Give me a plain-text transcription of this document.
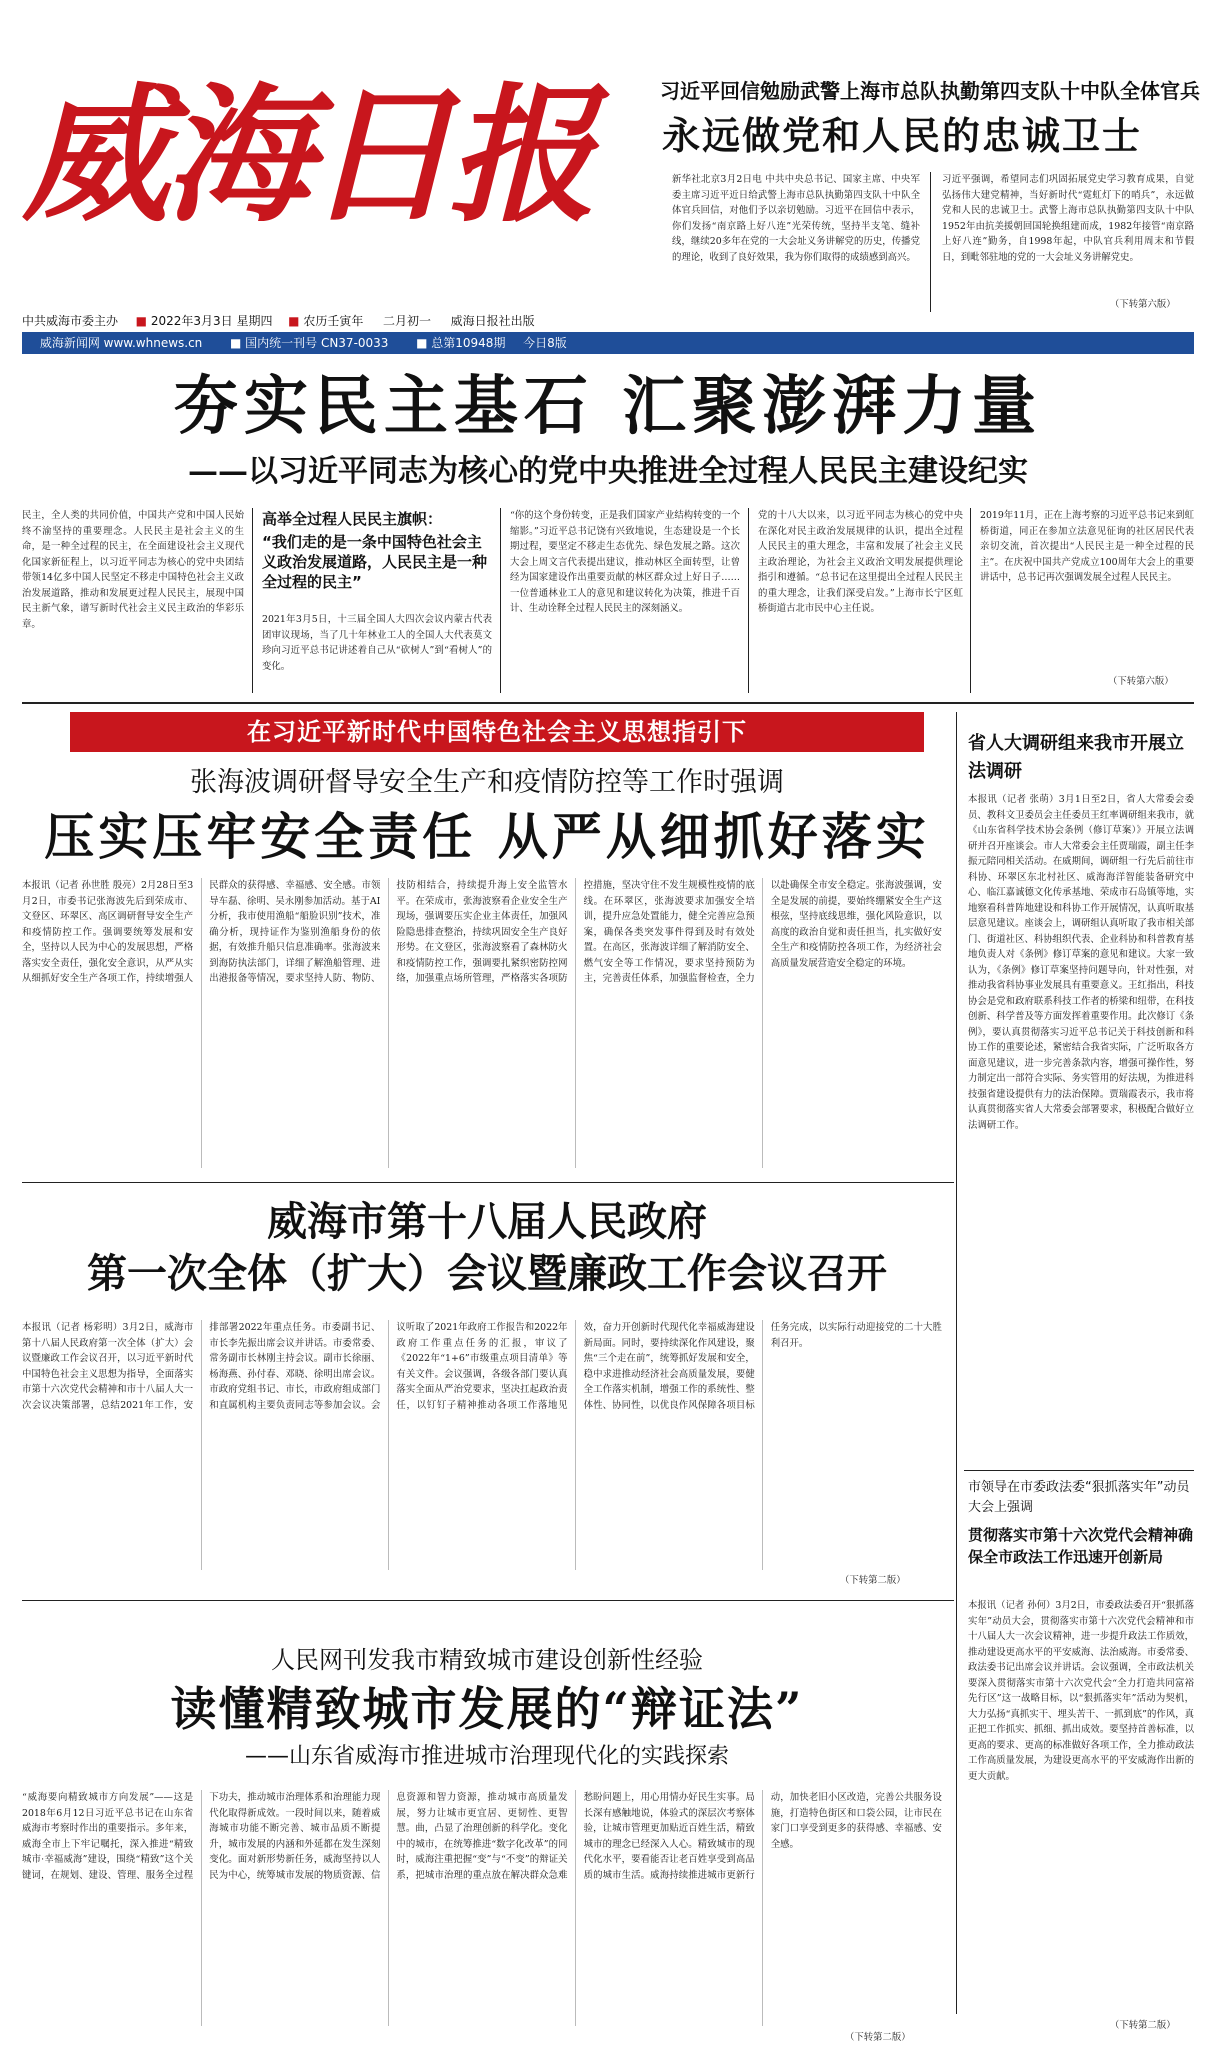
威海日报
中共威海市委主办 ■ 2022年3月3日 星期四 ■ 农历壬寅年 二月初一 威海日报社出版
威海新闻网 www.whnews.cn ■ 国内统一刊号 CN37-0033 ■ 总第10948期 今日8版
习近平回信勉励武警上海市总队执勤第四支队十中队全体官兵
永远做党和人民的忠诚卫士
新华社北京3月2日电 中共中央总书记、国家主席、中央军委主席习近平近日给武警上海市总队执勤第四支队十中队全体官兵回信，对他们予以亲切勉励。习近平在回信中表示，你们发扬“南京路上好八连”光荣传统，坚持半支笔、缝补线，继续20多年在党的一大会址义务讲解党的历史，传播党的理论，收到了良好效果，我为你们取得的成绩感到高兴。
习近平强调，希望同志们巩固拓展党史学习教育成果，自觉弘扬伟大建党精神，当好新时代“霓虹灯下的哨兵”，永远做党和人民的忠诚卫士。武警上海市总队执勤第四支队十中队1952年由抗美援朝回国轮换组建而成，1982年接管“南京路上好八连”勤务，自1998年起，中队官兵利用周末和节假日，到毗邻驻地的党的一大会址义务讲解党史。
（下转第六版）
夯实民主基石 汇聚澎湃力量
——以习近平同志为核心的党中央推进全过程人民民主建设纪实
民主，全人类的共同价值，中国共产党和中国人民始终不渝坚持的重要理念。人民民主是社会主义的生命，是一种全过程的民主，在全面建设社会主义现代化国家新征程上，以习近平同志为核心的党中央团结带领14亿多中国人民坚定不移走中国特色社会主义政治发展道路，推动和发展更过程人民民主，展现中国民主新气象，谱写新时代社会主义民主政治的华彩乐章。
高举全过程人民民主旗帜：
“我们走的是一条中国特色社会主义政治发展道路，人民民主是一种全过程的民主”
2021年3月5日，十三届全国人大四次会议内蒙古代表团审议现场，当了几十年林业工人的全国人大代表莫文珍向习近平总书记讲述着自己从“砍树人”到“看树人”的变化。
“你的这个身份转变，正是我们国家产业结构转变的一个缩影。”习近平总书记饶有兴致地说，生态建设是一个长期过程，要坚定不移走生态优先、绿色发展之路。这次大会上周文言代表提出建议，推动林区全面转型，让曾经为国家建设作出重要贡献的林区群众过上好日子……一位普通林业工人的意见和建议转化为决策，推进千百计、生动诠释全过程人民民主的深刻涵义。
党的十八大以来，以习近平同志为核心的党中央在深化对民主政治发展规律的认识，提出全过程人民民主的重大理念，丰富和发展了社会主义民主政治理论，为社会主义政治文明发展提供理论指引和遵循。“总书记在这里提出全过程人民民主的重大理念，让我们深受启发。”上海市长宁区虹桥街道古北市民中心主任说。
2019年11月，正在上海考察的习近平总书记来到虹桥街道，同正在参加立法意见征询的社区居民代表亲切交流，首次提出“人民民主是一种全过程的民主”。在庆祝中国共产党成立100周年大会上的重要讲话中，总书记再次强调发展全过程人民民主。
（下转第六版）
在习近平新时代中国特色社会主义思想指引下
张海波调研督导安全生产和疫情防控等工作时强调
压实压牢安全责任 从严从细抓好落实
本报讯（记者 孙世胜 殷亮）2月28日至3月2日，市委书记张海波先后到荣成市、文登区、环翠区、高区调研督导安全生产和疫情防控工作。强调要统筹发展和安全，坚持以人民为中心的发展思想，严格落实安全责任，强化安全意识，从严从实从细抓好安全生产各项工作，持续增强人民群众的获得感、幸福感、安全感。市领导车磊、徐明、吴永刚参加活动。基于AI分析，我市使用渔船“船脸识别”技术，准确分析，现持证作为鉴别渔船身份的依据，有效推升船只信息准确率。张海波来到海防执法部门，详细了解渔船管理、进出港报备等情况，要求坚持人防、物防、技防相结合，持续提升海上安全监管水平。在荣成市，张海波察看企业安全生产现场，强调要压实企业主体责任，加强风险隐患排查整治，持续巩固安全生产良好形势。在文登区，张海波察看了森林防火和疫情防控工作，强调要扎紧织密防控网络，加强重点场所管理，严格落实各项防控措施，坚决守住不发生规模性疫情的底线。在环翠区，张海波要求加强安全培训，提升应急处置能力，健全完善应急预案，确保各类突发事件得到及时有效处置。在高区，张海波详细了解消防安全、燃气安全等工作情况，要求坚持预防为主，完善责任体系，加强监督检查，全力以赴确保全市安全稳定。张海波强调，安全是发展的前提，要始终绷紧安全生产这根弦，坚持底线思维，强化风险意识，以高度的政治自觉和责任担当，扎实做好安全生产和疫情防控各项工作，为经济社会高质量发展营造安全稳定的环境。
省人大调研组来我市开展立法调研
本报讯（记者 张萌）3月1日至2日，省人大常委会委员、教科文卫委员会主任委员王红率调研组来我市，就《山东省科学技术协会条例（修订草案）》开展立法调研并召开座谈会。市人大常委会主任贾瑞霞，副主任李振元陪同相关活动。在威期间，调研组一行先后前往市科协、环翠区东北村社区、威海海洋智能装备研究中心、临江嘉诚德文化传承基地、荣成市石岛镇等地，实地察看科普阵地建设和科协工作开展情况，认真听取基层意见建议。座谈会上，调研组认真听取了我市相关部门、街道社区、科协组织代表、企业科协和科普教育基地负责人对《条例》修订草案的意见和建议。大家一致认为，《条例》修订草案坚持问题导向，针对性强，对推动我省科协事业发展具有重要意义。王红指出，科技协会是党和政府联系科技工作者的桥梁和纽带，在科技创新、科学普及等方面发挥着重要作用。此次修订《条例》，要认真贯彻落实习近平总书记关于科技创新和科协工作的重要论述，紧密结合我省实际，广泛听取各方面意见建议，进一步完善条款内容，增强可操作性，努力制定出一部符合实际、务实管用的好法规，为推进科技强省建设提供有力的法治保障。贾瑞霞表示，我市将认真贯彻落实省人大常委会部署要求，积极配合做好立法调研工作。
威海市第十八届人民政府
第一次全体（扩大）会议暨廉政工作会议召开
本报讯（记者 杨彩明）3月2日，威海市第十八届人民政府第一次全体（扩大）会议暨廉政工作会议召开，以习近平新时代中国特色社会主义思想为指导，全面落实市第十六次党代会精神和市十八届人大一次会议决策部署，总结2021年工作，安排部署2022年重点任务。市委副书记、市长李先振出席会议并讲话。市委常委、常务副市长林刚主持会议。副市长徐丽、杨海燕、孙付春、邓晓、徐明出席会议。市政府党组书记、市长，市政府组成部门和直属机构主要负责同志等参加会议。会议听取了2021年政府工作报告和2022年政府工作重点任务的汇报，审议了《2022年“1+6”市级重点项目清单》等有关文件。会议强调，各级各部门要认真落实全面从严治党要求，坚决扛起政治责任，以钉钉子精神推动各项工作落地见效，奋力开创新时代现代化幸福威海建设新局面。同时，要持续深化作风建设，聚焦“三个走在前”，统筹抓好发展和安全，稳中求进推动经济社会高质量发展，要健全工作落实机制，增强工作的系统性、整体性、协同性，以优良作风保障各项目标任务完成，以实际行动迎接党的二十大胜利召开。
（下转第二版）
市领导在市委政法委“狠抓落实年”动员大会上强调
贯彻落实市第十六次党代会精神确保全市政法工作迅速开创新局
本报讯（记者 孙何）3月2日，市委政法委召开“狠抓落实年”动员大会，贯彻落实市第十六次党代会精神和市十八届人大一次会议精神，进一步提升政法工作质效，推动建设更高水平的平安威海、法治威海。市委常委、政法委书记出席会议并讲话。会议强调，全市政法机关要深入贯彻落实市第十六次党代会“全力打造共同富裕先行区”这一战略目标，以“狠抓落实年”活动为契机，大力弘扬“真抓实干、埋头苦干、一抓到底”的作风，真正把工作抓实、抓细、抓出成效。要坚持首善标准，以更高的要求、更高的标准做好各项工作，全力推动政法工作高质量发展，为建设更高水平的平安威海作出新的更大贡献。
（下转第二版）
人民网刊发我市精致城市建设创新性经验
读懂精致城市发展的“辩证法”
——山东省威海市推进城市治理现代化的实践探索
“威海要向精致城市方向发展”——这是2018年6月12日习近平总书记在山东省威海市考察时作出的重要指示。多年来，威海全市上下牢记嘱托，深入推进“精致城市·幸福威海”建设，围绕“精致”这个关键词，在规划、建设、管理、服务全过程下功夫，推动城市治理体系和治理能力现代化取得新成效。一段时间以来，随着威海城市功能不断完善、城市品质不断提升，城市发展的内涵和外延都在发生深刻变化。面对新形势新任务，威海坚持以人民为中心，统筹城市发展的物质资源、信息资源和智力资源，推动城市高质量发展，努力让城市更宜居、更韧性、更智慧。曲，凸显了治理创新的科学化。变化中的城市，在统筹推进“数字化改革”的同时，威海注重把握“变”与“不变”的辩证关系，把城市治理的重点放在解决群众急难愁盼问题上，用心用情办好民生实事。局长深有感触地说，体验式的深层次考察体验，让城市管理更加贴近百姓生活，精致城市的理念已经深入人心。精致城市的现代化水平，要看能否让老百姓享受到高品质的城市生活。威海持续推进城市更新行动，加快老旧小区改造，完善公共服务设施，打造特色街区和口袋公园，让市民在家门口享受到更多的获得感、幸福感、安全感。
（下转第二版）
